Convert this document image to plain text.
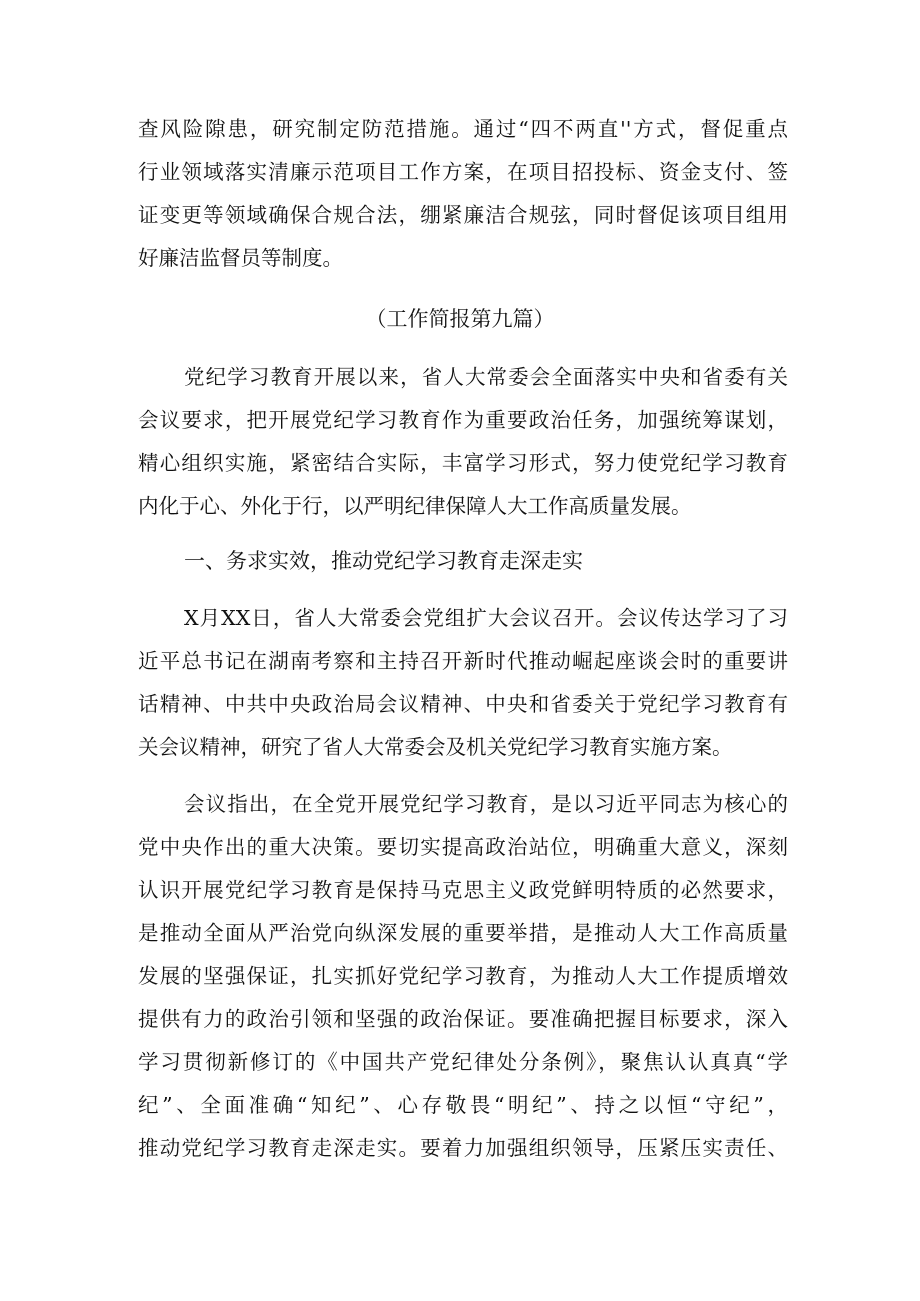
查风险隙患，研究制定防范措施。通过“四不两直''方式，督促重点
行业领域落实清廉示范项目工作方案，在项目招投标、资金支付、签
证变更等领域确保合规合法，绷紧廉洁合规弦，同时督促该项目组用
好廉洁监督员等制度。
（工作简报第九篇）
党纪学习教育开展以来，省人大常委会全面落实中央和省委有关
会议要求，把开展党纪学习教育作为重要政治任务，加强统筹谋划，
精心组织实施，紧密结合实际，丰富学习形式，努力使党纪学习教育
内化于心、外化于行，以严明纪律保障人大工作高质量发展。
一、务求实效，推动党纪学习教育走深走实
X月XX日，省人大常委会党组扩大会议召开。会议传达学习了习
近平总书记在湖南考察和主持召开新时代推动崛起座谈会时的重要讲
话精神、中共中央政治局会议精神、中央和省委关于党纪学习教育有
关会议精神，研究了省人大常委会及机关党纪学习教育实施方案。
会议指出，在全党开展党纪学习教育，是以习近平同志为核心的
党中央作出的重大决策。要切实提高政治站位，明确重大意义，深刻
认识开展党纪学习教育是保持马克思主义政党鲜明特质的必然要求，
是推动全面从严治党向纵深发展的重要举措，是推动人大工作高质量
发展的坚强保证，扎实抓好党纪学习教育，为推动人大工作提质增效
提供有力的政治引领和坚强的政治保证。要准确把握目标要求，深入
学习贯彻新修订的《中国共产党纪律处分条例》，聚焦认认真真“学
纪”、全面准确“知纪”、心存敬畏“明纪”、持之以恒“守纪”，
推动党纪学习教育走深走实。要着力加强组织领导，压紧压实责任、
